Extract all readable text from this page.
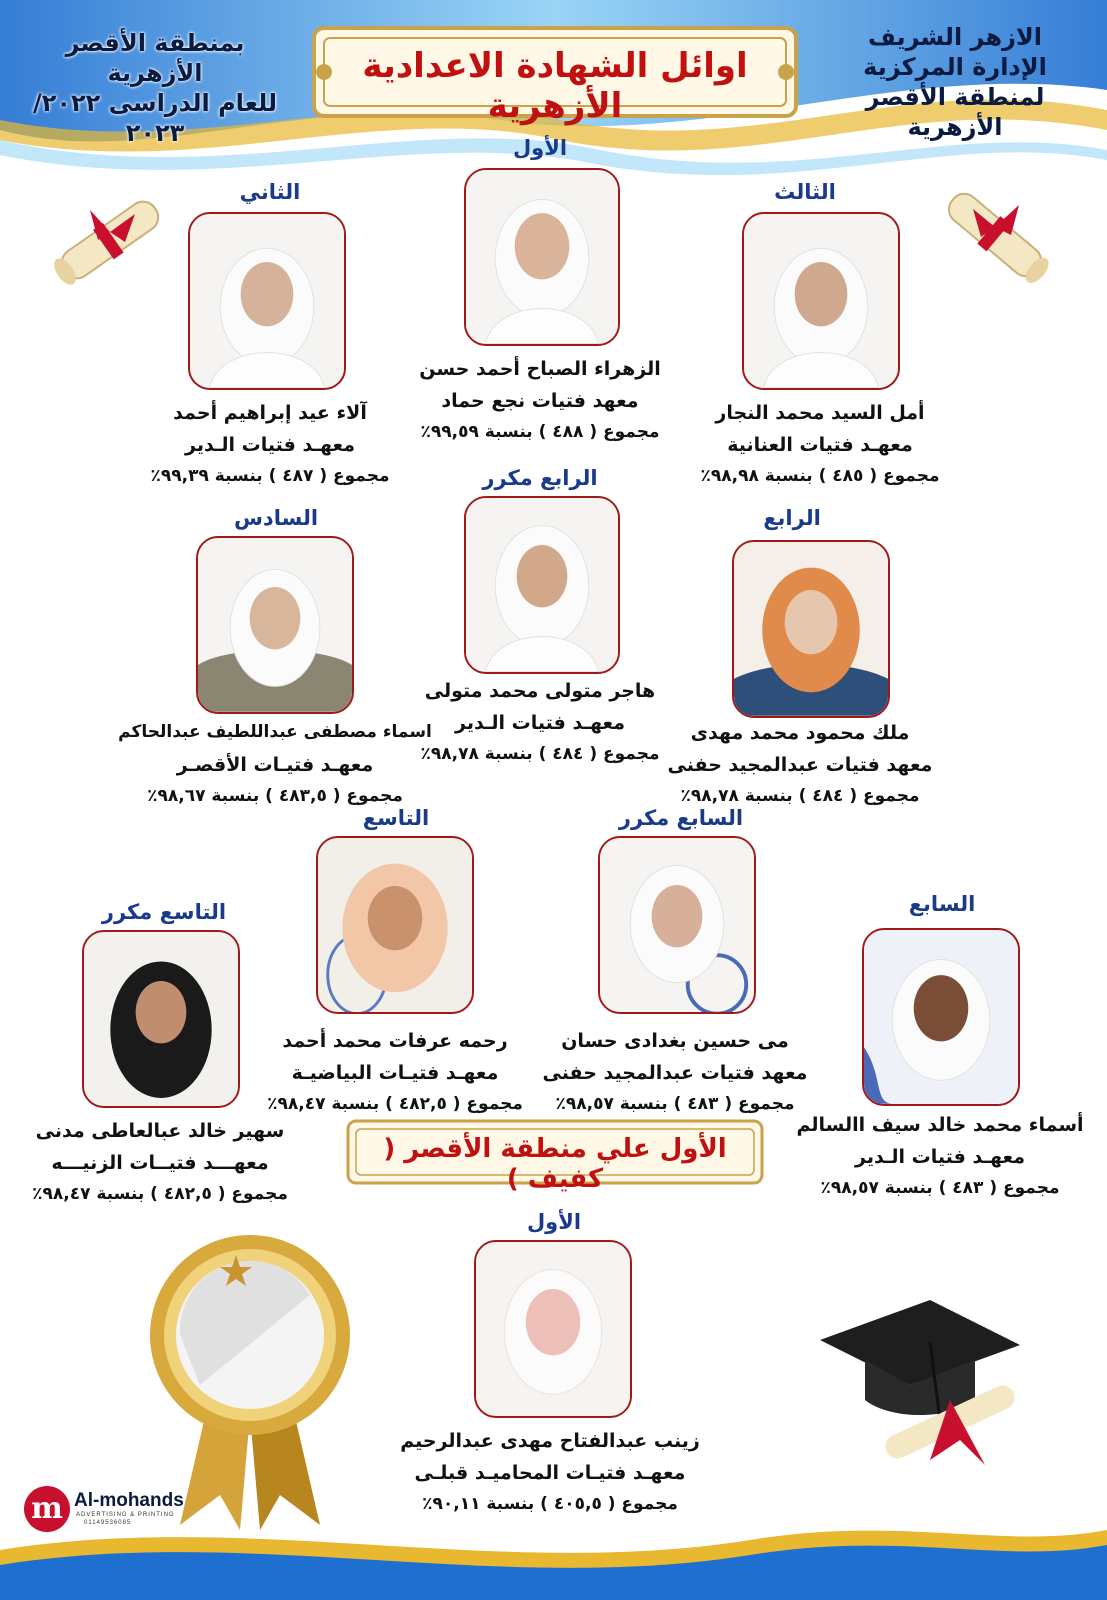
بمنطقة الأقصر الأزهرية
للعام الدراسى ٢٠٢٢/ ٢٠٢٣
الازهر الشريف
الإدارة المركزية
لمنطقة الأقصر الأزهرية
اوائل الشهادة الاعدادية الأزهرية
الأول
الزهراء الصباح أحمد حسن
معهد فتيات نجع حماد
مجموع ( ٤٨٨ ) بنسبة ٩٩,٥٩٪
الثاني
آلاء عيد إبراهيم أحمد
معهـد فتيات الـدير
مجموع ( ٤٨٧ ) بنسبة ٩٩,٣٩٪
الثالث
أمل السيد محمد النجار
معهـد فتيات العنانية
مجموع ( ٤٨٥ ) بنسبة ٩٨,٩٨٪
الرابع مكرر
هاجر متولى محمد متولى
معهـد فتيات الـدير
مجموع ( ٤٨٤ ) بنسبة ٩٨,٧٨٪
السادس
اسماء مصطفى عبداللطيف عبدالحاكم
معهـد فتيـات الأقصـر
مجموع ( ٤٨٣,٥ ) بنسبة ٩٨,٦٧٪
الرابع
ملك محمود محمد مهدى
معهد فتيات عبدالمجيد حفنى
مجموع ( ٤٨٤ ) بنسبة ٩٨,٧٨٪
التاسع
رحمه عرفات محمد أحمد
معهـد فتيـات البياضيـة
مجموع ( ٤٨٢,٥ ) بنسبة ٩٨,٤٧٪
السابع مكرر
مى حسين بغدادى حسان
معهد فتيات عبدالمجيد حفنى
مجموع ( ٤٨٣ ) بنسبة ٩٨,٥٧٪
التاسع مكرر
سهير خالد عبالعاطى مدنى
معهـــد فتيــات الزنيـــه
مجموع ( ٤٨٢,٥ ) بنسبة ٩٨,٤٧٪
السابع
أسماء محمد خالد سيف االسالم
معهـد فتيات الـدير
مجموع ( ٤٨٣ ) بنسبة ٩٨,٥٧٪
الأول علي منطقة الأقصر ( كفيف )
الأول
زينب عبدالفتاح مهدى عبدالرحيم
معهـد فتيـات المحاميـد قبلـى
مجموع ( ٤٠٥,٥ ) بنسبة ٩٠,١١٪
m Al-mohands
ADVERTISING & PRINTING
01149536085
